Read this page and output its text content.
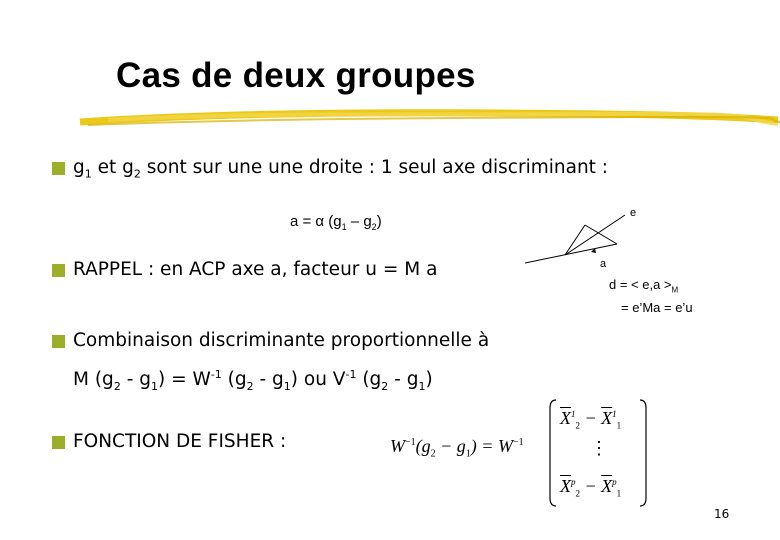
Cas de deux groupes
$g_1$ et $g_2$ sont sur une une droite : 1 seul axe discriminant :
a = α $(g_1 - g_2)$	e
a
d = < $e,a >_M$
= e’Ma = e’u
RAPPEL : en ACP axe a, facteur u = M a
Combinaison discriminante proportionnelle à
M $(g_2 - g_1) = W^{-1}$ $(g_2 - g_1)$ ou $V^{-1}$ $(g_2 - g_1)$
FONCTION DE FISHER :	$W^{-1}(g_2 - g_1) = W^{-1}$
$\overline{X}^1_2 - \overline{X}^1_1$
⋮
$\overline{X}^p_2 - \overline{X}^p_1$
16
